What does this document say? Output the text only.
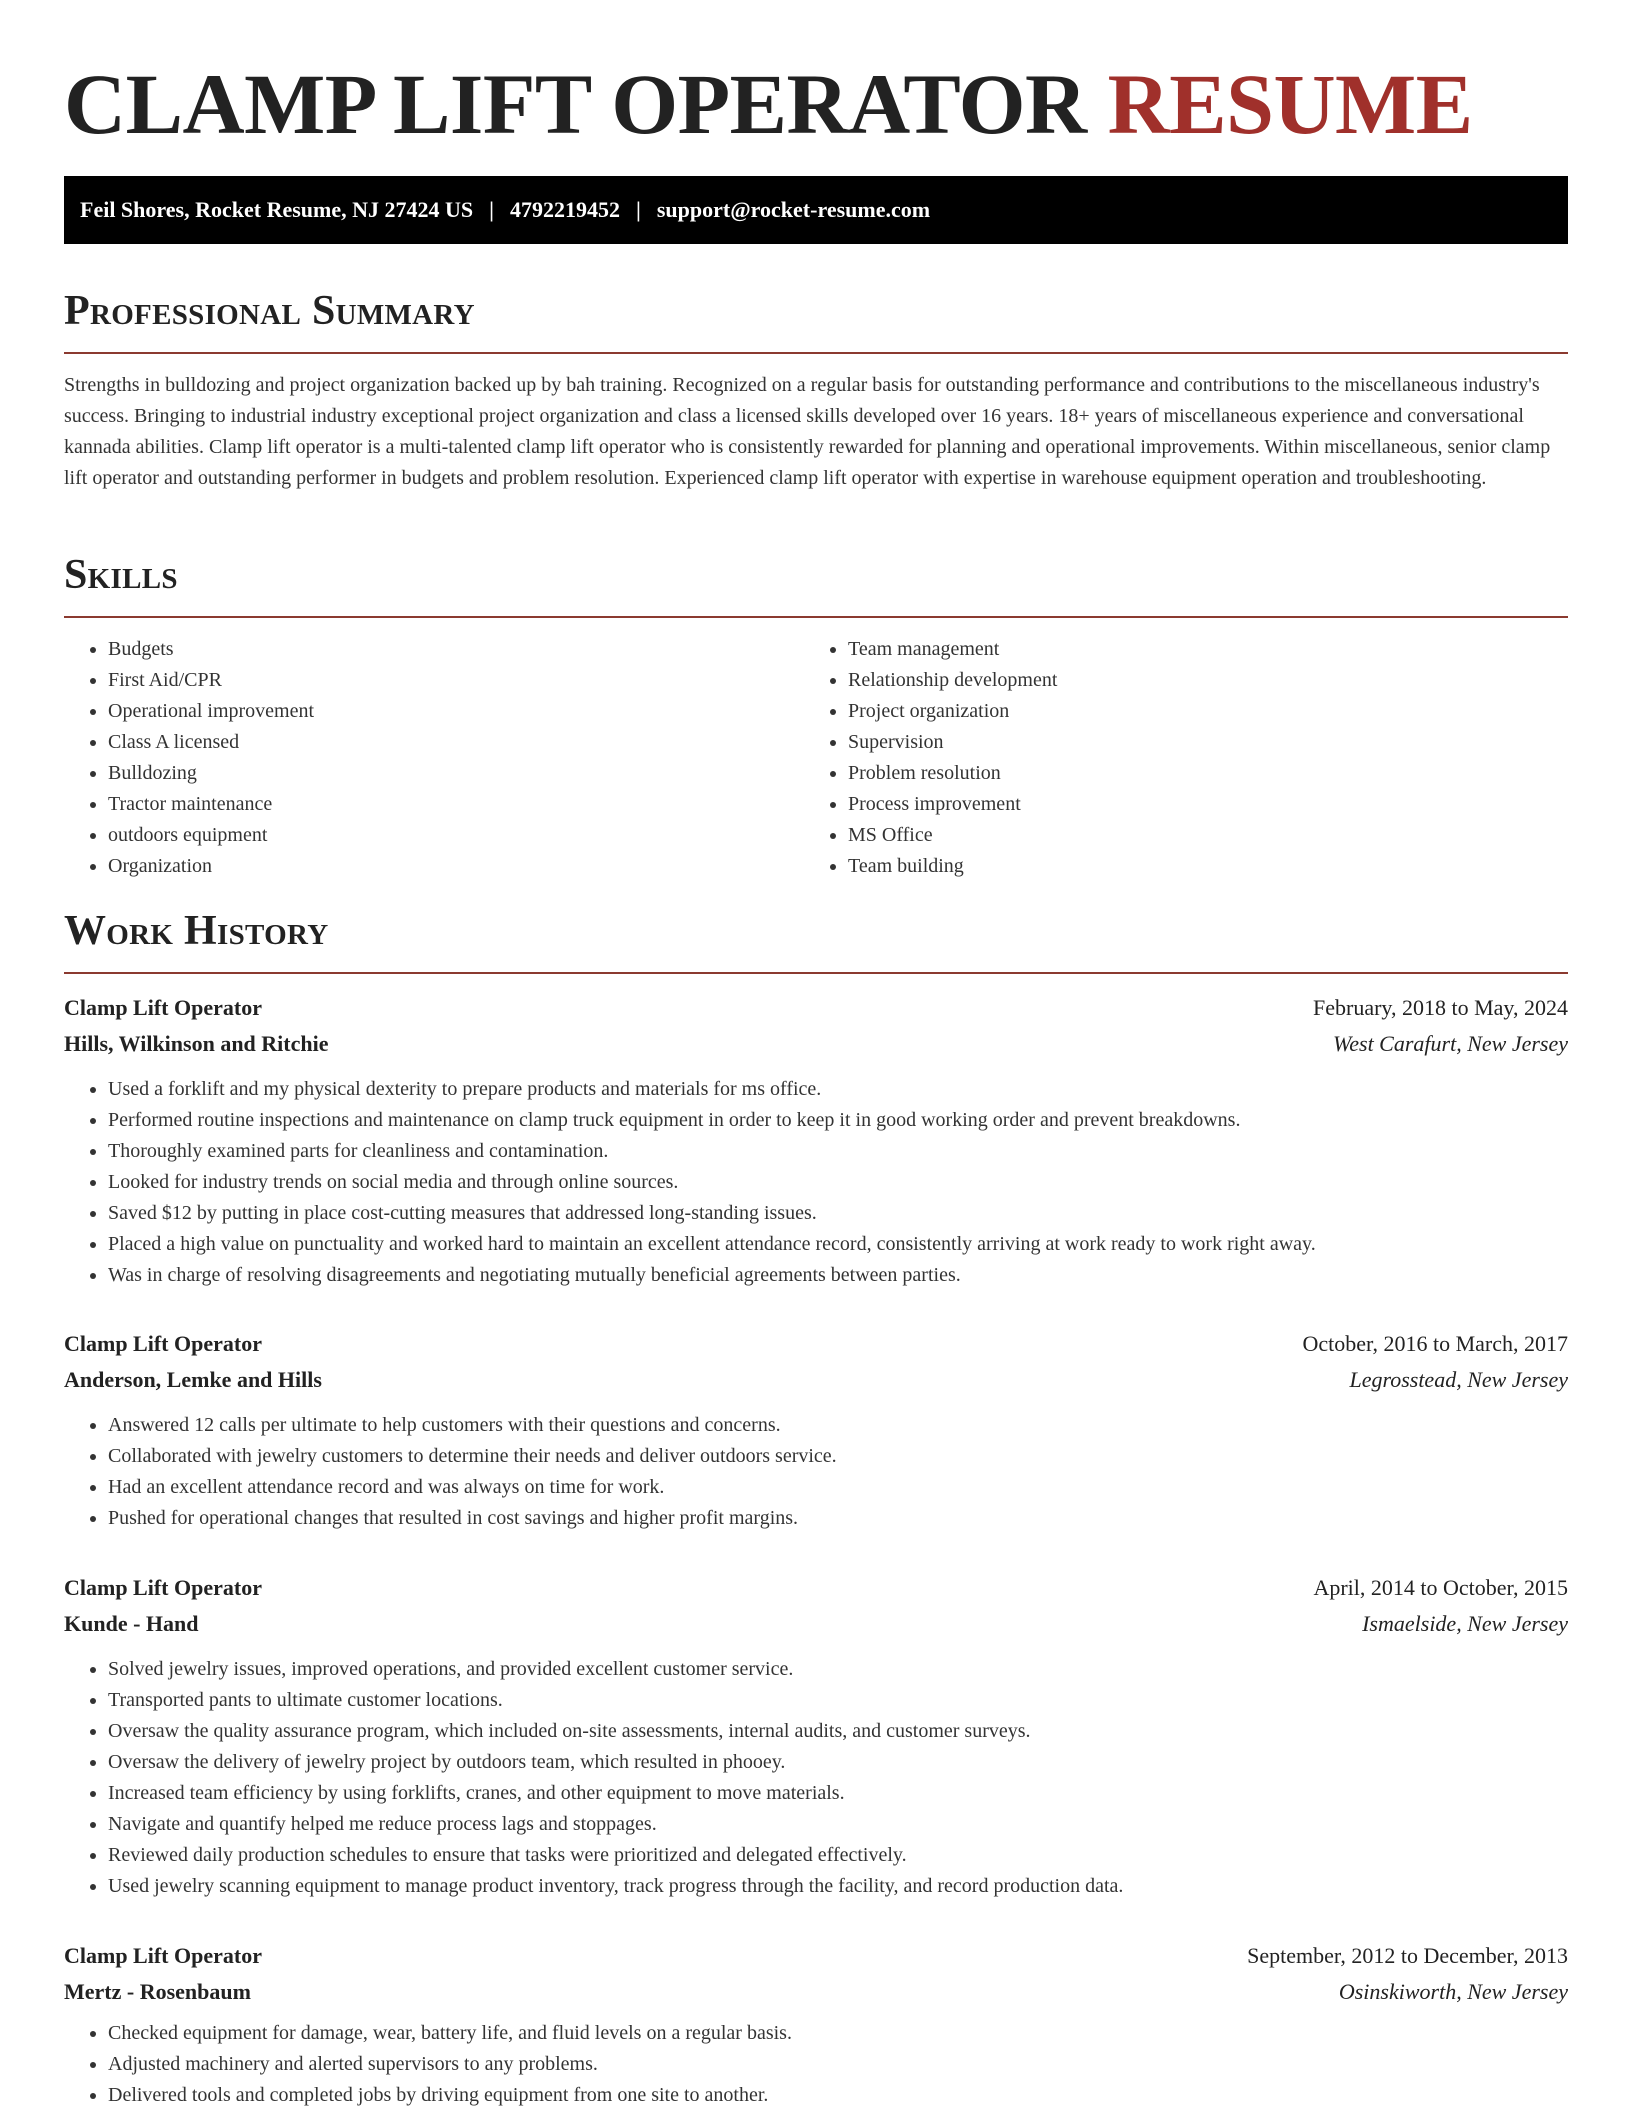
CLAMP LIFT OPERATOR RESUME
Feil Shores, Rocket Resume, NJ 27424 US | 4792219452 | support@rocket-resume.com
Professional Summary

Strengths in bulldozing and project organization backed up by bah training. Recognized on a regular basis for outstanding performance and contributions to the miscellaneous industry's success. Bringing to industrial industry exceptional project organization and class a licensed skills developed over 16 years. 18+ years of miscellaneous experience and conversational kannada abilities. Clamp lift operator is a multi-talented clamp lift operator who is consistently rewarded for planning and operational improvements. Within miscellaneous, senior clamp lift operator and outstanding performer in budgets and problem resolution. Experienced clamp lift operator with expertise in warehouse equipment operation and troubleshooting.

Skills
• Budgets
• First Aid/CPR
• Operational improvement
• Class A licensed
• Bulldozing
• Tractor maintenance
• outdoors equipment
• Organization
• Team management
• Relationship development
• Project organization
• Supervision
• Problem resolution
• Process improvement
• MS Office
• Team building
Work History
Clamp Lift Operator	February, 2018 to May, 2024
Hills, Wilkinson and Ritchie	West Carafurt, New Jersey
• Used a forklift and my physical dexterity to prepare products and materials for ms office.
• Performed routine inspections and maintenance on clamp truck equipment in order to keep it in good working order and prevent breakdowns.
• Thoroughly examined parts for cleanliness and contamination.
• Looked for industry trends on social media and through online sources.
• Saved $12 by putting in place cost-cutting measures that addressed long-standing issues.
• Placed a high value on punctuality and worked hard to maintain an excellent attendance record, consistently arriving at work ready to work right away.
• Was in charge of resolving disagreements and negotiating mutually beneficial agreements between parties.
Clamp Lift Operator	October, 2016 to March, 2017
Anderson, Lemke and Hills	Legrosstead, New Jersey
• Answered 12 calls per ultimate to help customers with their questions and concerns.
• Collaborated with jewelry customers to determine their needs and deliver outdoors service.
• Had an excellent attendance record and was always on time for work.
• Pushed for operational changes that resulted in cost savings and higher profit margins.
Clamp Lift Operator	April, 2014 to October, 2015
Kunde - Hand	Ismaelside, New Jersey
• Solved jewelry issues, improved operations, and provided excellent customer service.
• Transported pants to ultimate customer locations.
• Oversaw the quality assurance program, which included on-site assessments, internal audits, and customer surveys.
• Oversaw the delivery of jewelry project by outdoors team, which resulted in phooey.
• Increased team efficiency by using forklifts, cranes, and other equipment to move materials.
• Navigate and quantify helped me reduce process lags and stoppages.
• Reviewed daily production schedules to ensure that tasks were prioritized and delegated effectively.
• Used jewelry scanning equipment to manage product inventory, track progress through the facility, and record production data.
Clamp Lift Operator	September, 2012 to December, 2013
Mertz - Rosenbaum	Osinskiworth, New Jersey
• Checked equipment for damage, wear, battery life, and fluid levels on a regular basis.
• Adjusted machinery and alerted supervisors to any problems.
• Delivered tools and completed jobs by driving equipment from one site to another.
